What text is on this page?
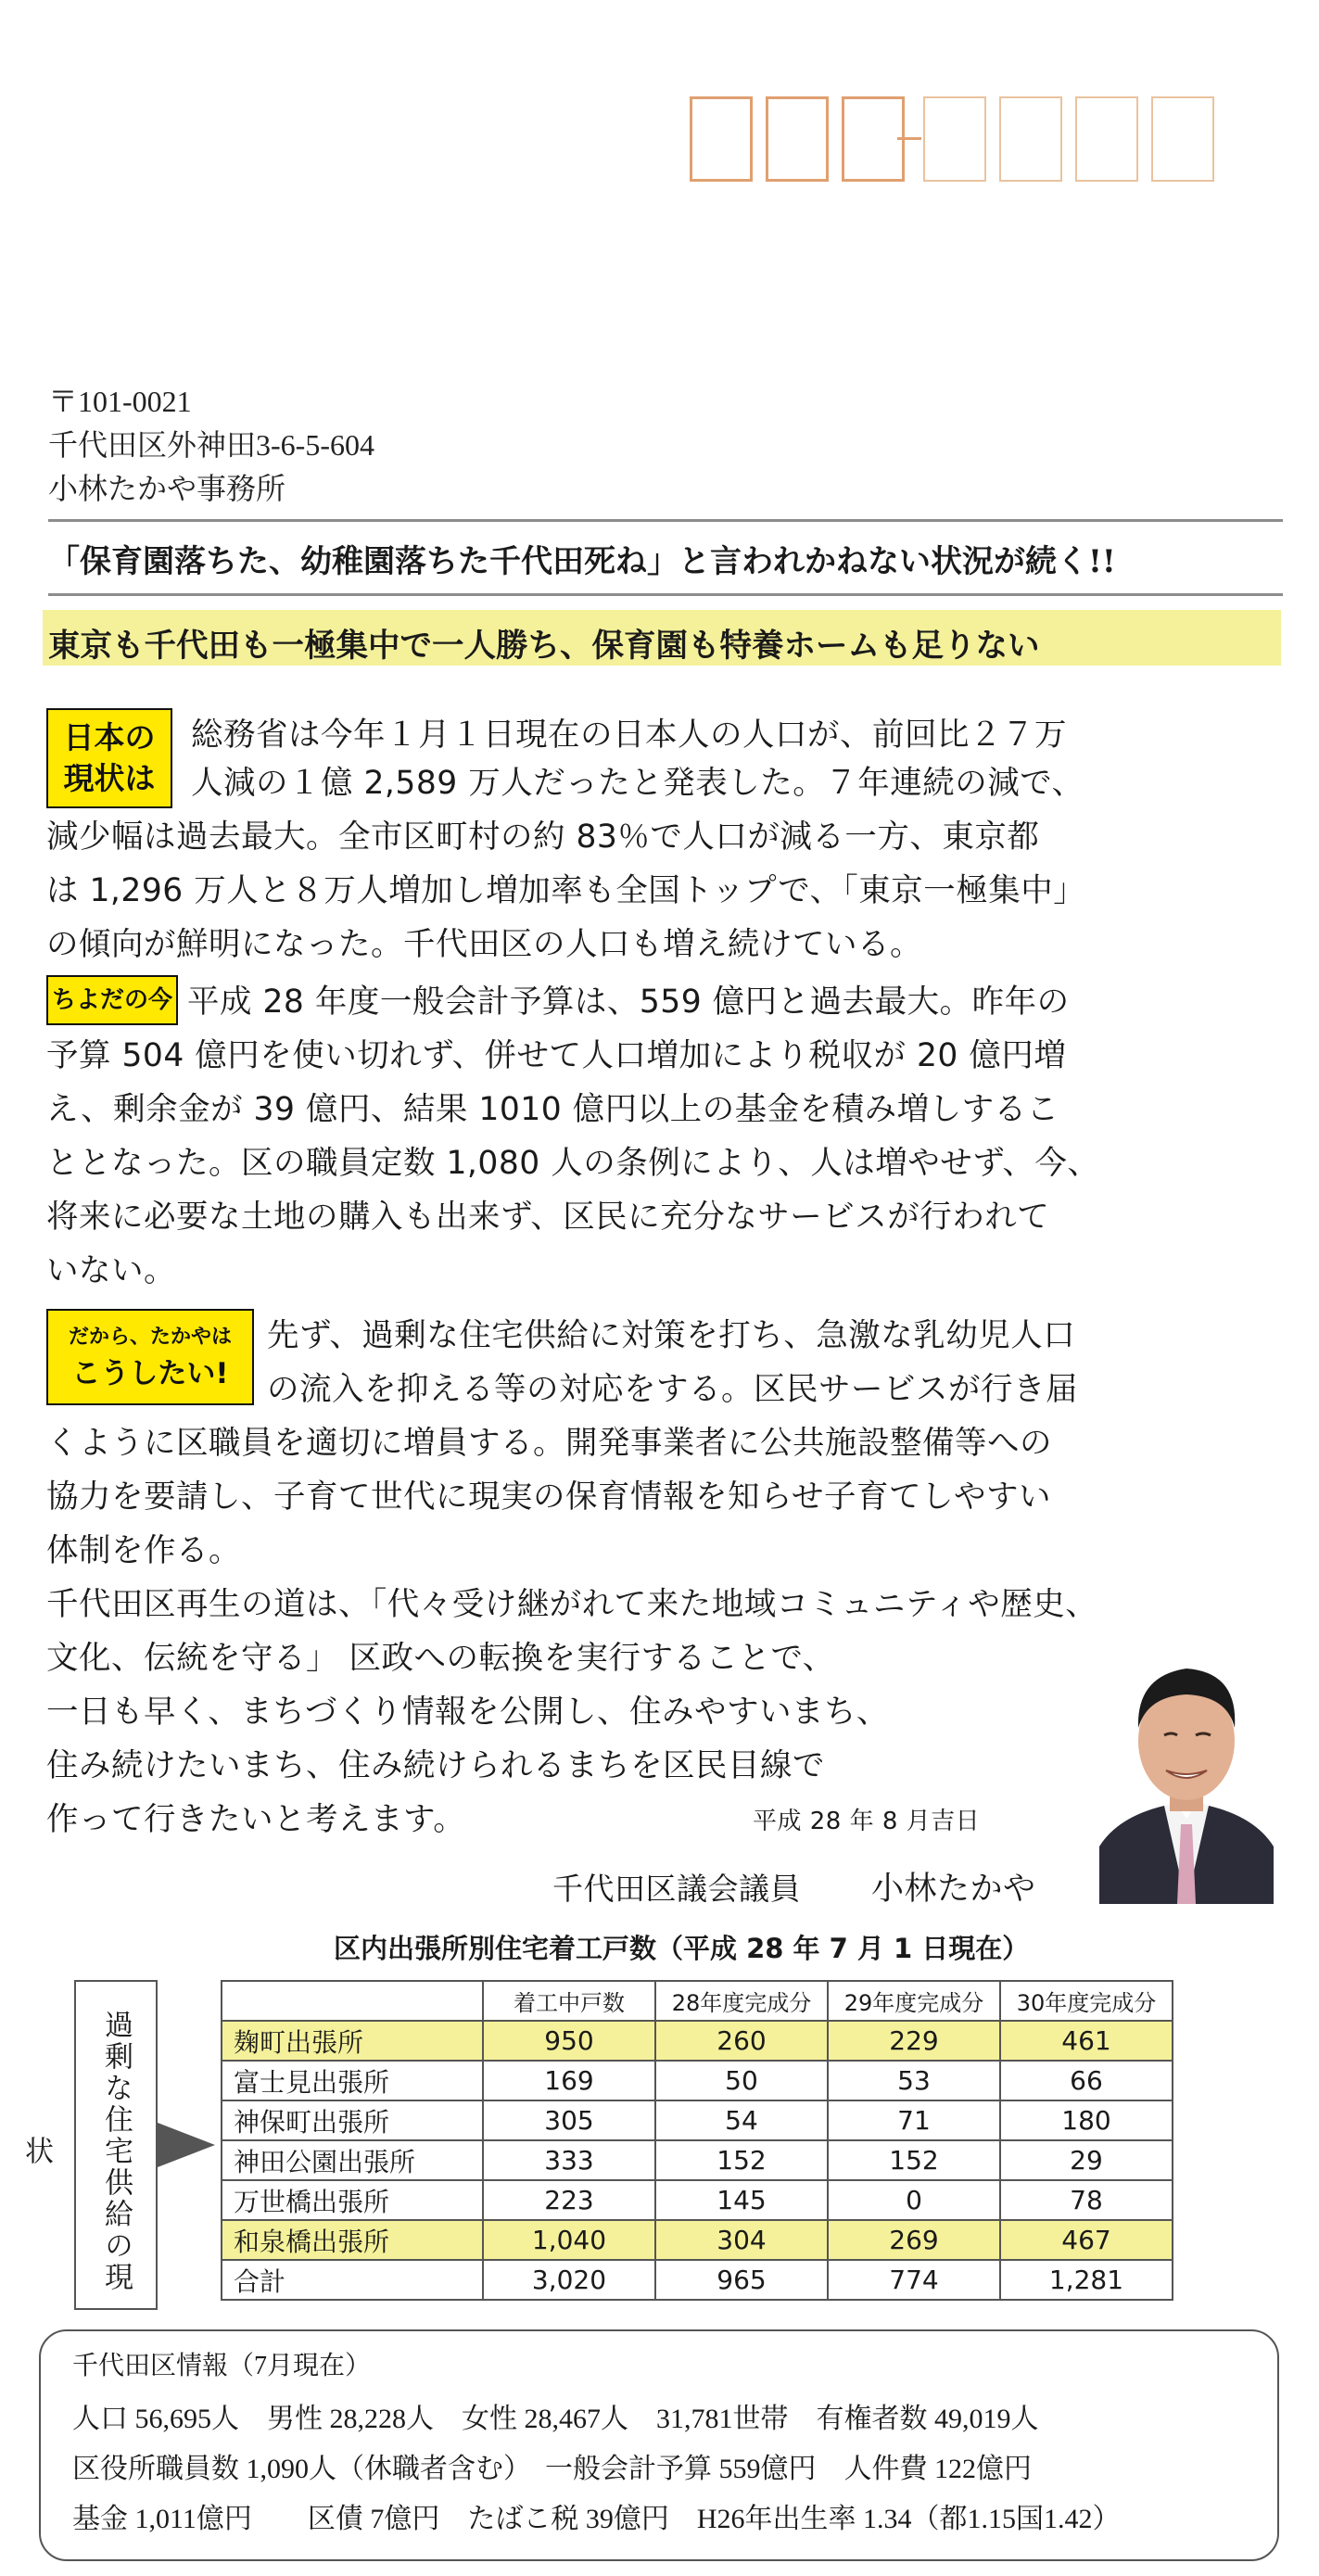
〒101-0021
千代田区外神田3-6-5-604
小林たかや事務所
「保育園落ちた、幼稚園落ちた千代田死ね」と言われかねない状況が続く!!
東京も千代田も一極集中で一人勝ち、保育園も特養ホームも足りない
日本の
現状は
総務省は今年１月１日現在の日本人の人口が、前回比２７万
人減の１億 2,589 万人だったと発表した。７年連続の減で、
減少幅は過去最大。全市区町村の約 83％で人口が減る一方、東京都
は 1,296 万人と８万人増加し増加率も全国トップで、「東京一極集中」
の傾向が鮮明になった。千代田区の人口も増え続けている。
ちよだの今 平成 28 年度一般会計予算は、559 億円と過去最大。昨年の
予算 504 億円を使い切れず、併せて人口増加により税収が 20 億円増
え、剰余金が 39 億円、結果 1010 億円以上の基金を積み増しするこ
ととなった。区の職員定数 1,080 人の条例により、人は増やせず、今、
将来に必要な土地の購入も出来ず、区民に充分なサービスが行われて
いない。
だから、たかやは
こうしたい!
先ず、過剰な住宅供給に対策を打ち、急激な乳幼児人口
の流入を抑える等の対応をする。区民サービスが行き届
くように区職員を適切に増員する。開発事業者に公共施設整備等への
協力を要請し、子育て世代に現実の保育情報を知らせ子育てしやすい
体制を作る。
千代田区再生の道は、「代々受け継がれて来た地域コミュニティや歴史、
文化、伝統を守る」 区政への転換を実行することで、
一日も早く、まちづくり情報を公開し、住みやすいまち、
住み続けたいまち、住み続けられるまちを区民目線で
作って行きたいと考えます。	平成 28 年 8 月吉日
千代田区議会議員 小林たかや
区内出張所別住宅着工戸数（平成 28 年 7 月 1 日現在）
過剰な住宅供給の現状
	着工中戸数	28年度完成分	29年度完成分	30年度完成分
麹町出張所	950	260	229	461
富士見出張所	169	50	53	66
神保町出張所	305	54	71	180
神田公園出張所	333	152	152	29
万世橋出張所	223	145	0	78
和泉橋出張所	1,040	304	269	467
合計	3,020	965	774	1,281
千代田区情報（7月現在）
人口 56,695人　男性 28,228人　女性 28,467人　31,781世帯　有権者数 49,019人
区役所職員数 1,090人（休職者含む）　一般会計予算 559億円　人件費 122億円
基金 1,011億円　　区債 7億円　たばこ税 39億円　H26年出生率 1.34（都1.15国1.42）
